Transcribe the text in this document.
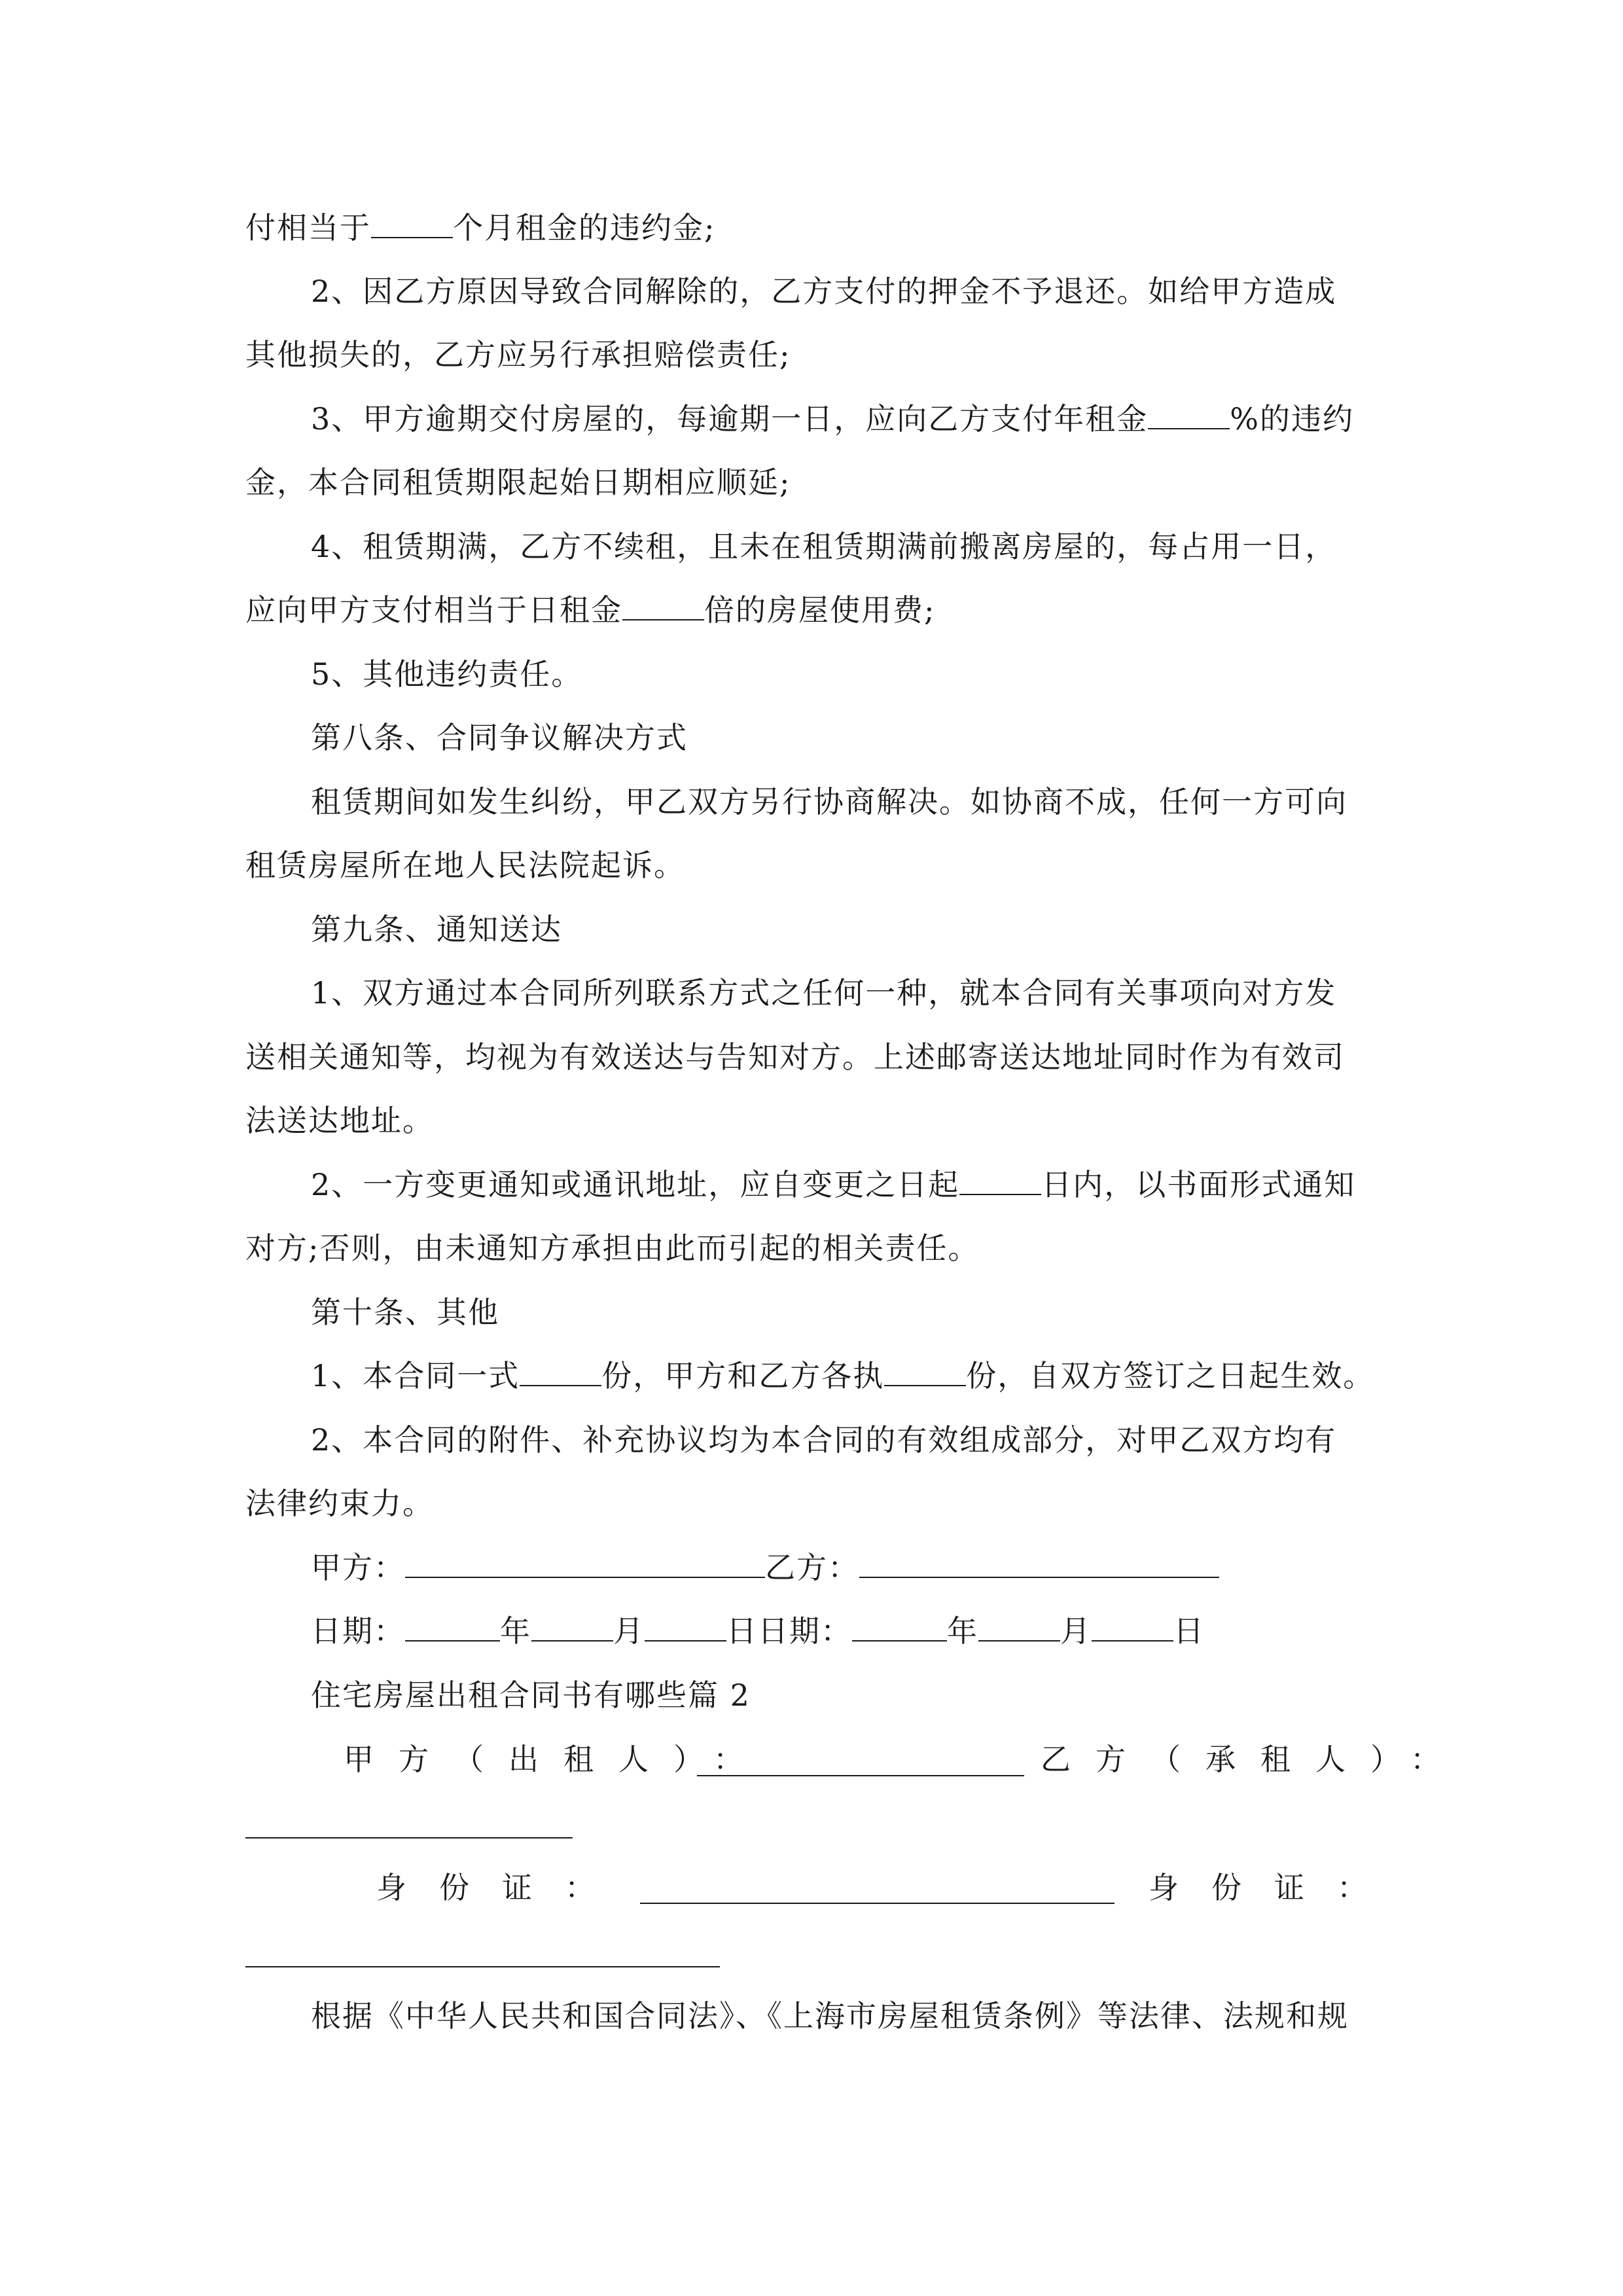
付相当于	个月租金的违约金;
2、因乙方原因导致合同解除的，乙方支付的押金不予退还。如给甲方造成
其他损失的，乙方应另行承担赔偿责任;
3、甲方逾期交付房屋的，每逾期一日，应向乙方支付年租金	%的违约
金，本合同租赁期限起始日期相应顺延;
4、租赁期满，乙方不续租，且未在租赁期满前搬离房屋的，每占用一日，
应向甲方支付相当于日租金	倍的房屋使用费;
5、其他违约责任。
第八条、合同争议解决方式
租赁期间如发生纠纷，甲乙双方另行协商解决。如协商不成，任何一方可向
租赁房屋所在地人民法院起诉。
第九条、通知送达
1、双方通过本合同所列联系方式之任何一种，就本合同有关事项向对方发
送相关通知等，均视为有效送达与告知对方。上述邮寄送达地址同时作为有效司
法送达地址。
2、一方变更通知或通讯地址，应自变更之日起	日内，以书面形式通知
对方;否则，由未通知方承担由此而引起的相关责任。
第十条、其他
1、本合同一式	份，甲方和乙方各执	份，自双方签订之日起生效。
2、本合同的附件、补充协议均为本合同的有效组成部分，对甲乙双方均有
法律约束力。
甲方：	乙方：
日期：	年	月	日日期：	年	月	日
住宅房屋出租合同书有哪些篇 2
甲方（出租人）：	乙方（承租人）：
身份证：	身份证：
根据《中华人民共和国合同法》、《上海市房屋租赁条例》等法律、法规和规
